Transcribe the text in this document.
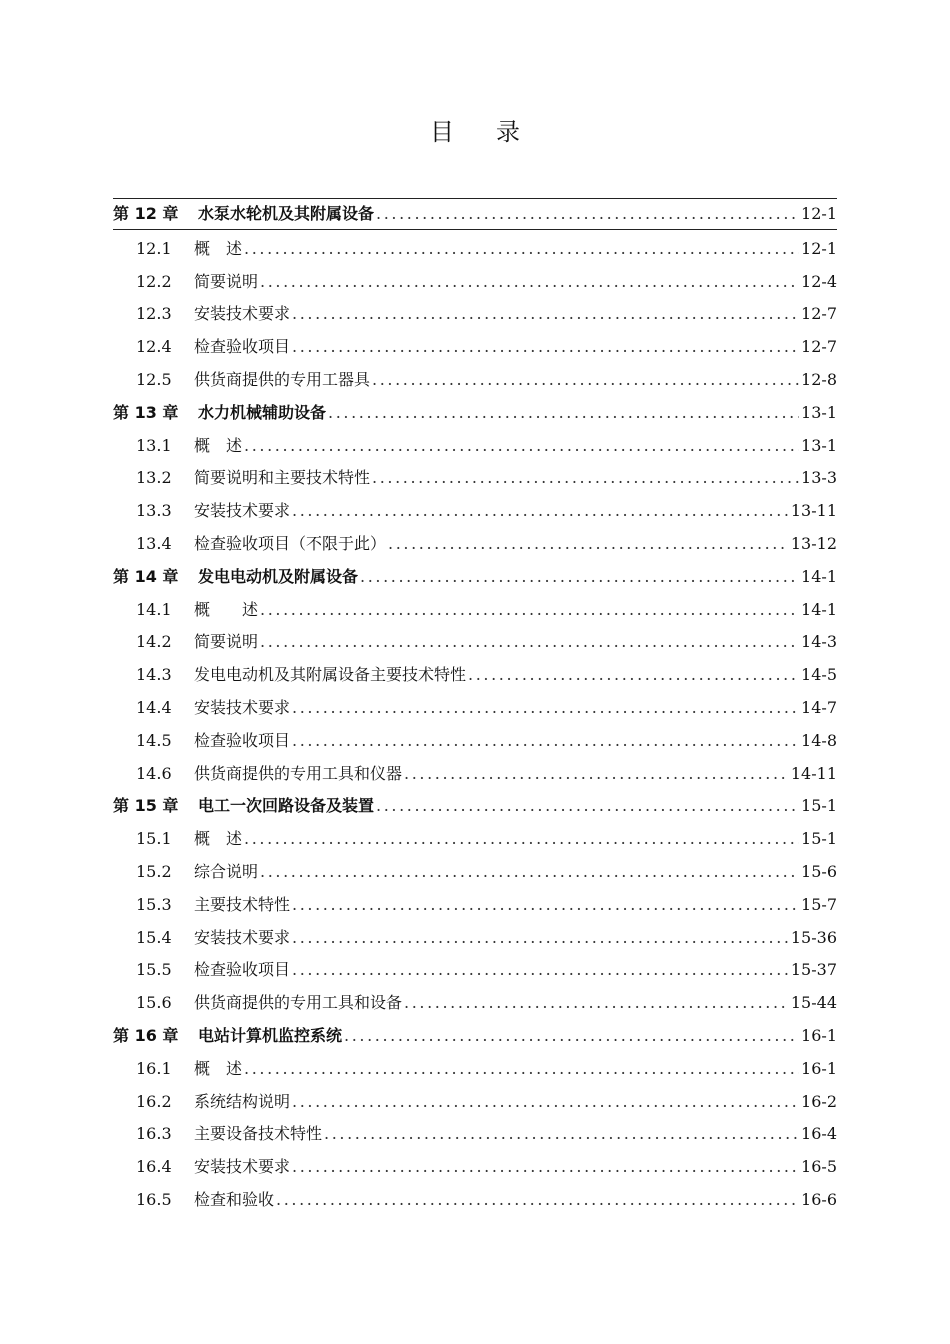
目 录
第 12 章	水泵水轮机及其附属设备 .....	12-1
12.1	概　述 .....	12-1
12.2	简要说明 .....	12-4
12.3	安装技术要求 .....	12-7
12.4	检查验收项目 .....	12-7
12.5	供货商提供的专用工器具 .....	12-8
第 13 章	水力机械辅助设备 .....	13-1
13.1	概　述 .....	13-1
13.2	简要说明和主要技术特性 .....	13-3
13.3	安装技术要求 .....	13-11
13.4	检查验收项目（不限于此） .....	13-12
第 14 章	发电电动机及附属设备 .....	14-1
14.1	概　　述 .....	14-1
14.2	简要说明 .....	14-3
14.3	发电电动机及其附属设备主要技术特性 .....	14-5
14.4	安装技术要求 .....	14-7
14.5	检查验收项目 .....	14-8
14.6	供货商提供的专用工具和仪器 .....	14-11
第 15 章	电工一次回路设备及装置 .....	15-1
15.1	概　述 .....	15-1
15.2	综合说明 .....	15-6
15.3	主要技术特性 .....	15-7
15.4	安装技术要求 .....	15-36
15.5	检查验收项目 .....	15-37
15.6	供货商提供的专用工具和设备 .....	15-44
第 16 章	电站计算机监控系统 .....	16-1
16.1	概　述 .....	16-1
16.2	系统结构说明 .....	16-2
16.3	主要设备技术特性 .....	16-4
16.4	安装技术要求 .....	16-5
16.5	检查和验收 .....	16-6
